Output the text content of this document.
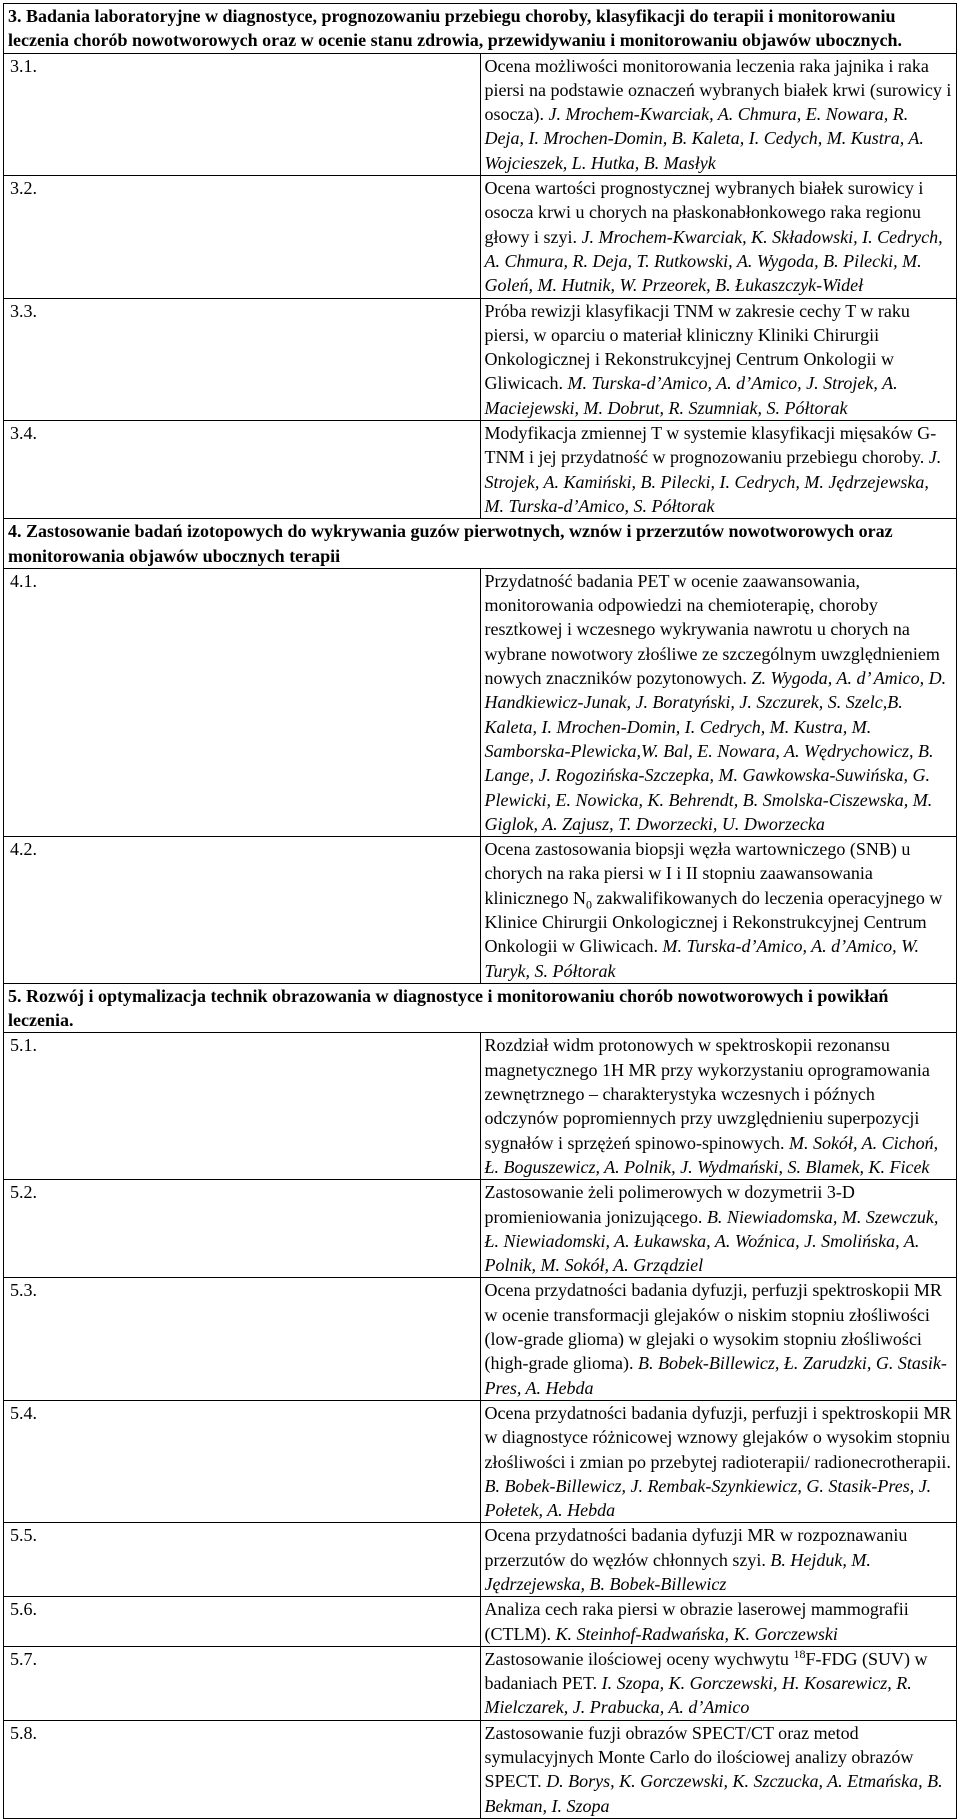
3. Badania laboratoryjne w diagnostyce, prognozowaniu przebiegu choroby, klasyfikacji do terapii i monitorowaniu leczenia chorób nowotworowych oraz w ocenie stanu zdrowia, przewidywaniu i monitorowaniu objawów ubocznych.	
3.1.	Ocena możliwości monitorowania leczenia raka jajnika i raka piersi na podstawie oznaczeń wybranych białek krwi (surowicy i osocza). J. Mrochem-Kwarciak, A. Chmura, E. Nowara, R. Deja, I. Mrochen-Domin, B. Kaleta, I. Cedych, M. Kustra, A. Wojcieszek, L. Hutka, B. Masłyk
3.2.	Ocena wartości prognostycznej wybranych białek surowicy i osocza krwi u chorych na płaskonabłonkowego raka regionu głowy i szyi. J. Mrochem-Kwarciak, K. Składowski, I. Cedrych, A. Chmura, R. Deja, T. Rutkowski, A. Wygoda, B. Pilecki, M. Goleń, M. Hutnik, W. Przeorek, B. Łukaszczyk-Wideł
3.3.	Próba rewizji klasyfikacji TNM w zakresie cechy T w raku piersi, w oparciu o materiał kliniczny Kliniki Chirurgii Onkologicznej i Rekonstrukcyjnej Centrum Onkologii w Gliwicach. M. Turska-d’Amico, A. d’Amico, J. Strojek, A. Maciejewski, M. Dobrut, R. Szumniak, S. Półtorak
3.4.	Modyfikacja zmiennej T w systemie klasyfikacji mięsaków G-TNM i jej przydatność w prognozowaniu przebiegu choroby. J. Strojek, A. Kamiński, B. Pilecki, I. Cedrych, M. Jędrzejewska, M. Turska-d’Amico, S. Półtorak
4. Zastosowanie badań izotopowych do wykrywania guzów pierwotnych, wznów i przerzutów nowotworowych oraz monitorowania objawów ubocznych terapii	
4.1.	Przydatność badania PET w ocenie zaawansowania, monitorowania odpowiedzi na chemioterapię, choroby resztkowej i wczesnego wykrywania nawrotu u chorych na wybrane nowotwory złośliwe ze szczególnym uwzględnieniem nowych znaczników pozytonowych. Z. Wygoda, A. d’ Amico, D. Handkiewicz-Junak, J. Boratyński, J. Szczurek, S. Szelc,B. Kaleta, I. Mrochen-Domin, I. Cedrych, M. Kustra, M. Samborska-Plewicka,W. Bal, E. Nowara, A. Wędrychowicz, B. Lange, J. Rogozińska-Szczepka, M. Gawkowska-Suwińska, G. Plewicki, E. Nowicka, K. Behrendt, B. Smolska-Ciszewska, M. Giglok, A. Zajusz, T. Dworzecki, U. Dworzecka
4.2.	Ocena zastosowania biopsji węzła wartowniczego (SNB) u chorych na raka piersi w I i II stopniu zaawansowania klinicznego $N_0$ zakwalifikowanych do leczenia operacyjnego w Klinice Chirurgii Onkologicznej i Rekonstrukcyjnej Centrum Onkologii w Gliwicach. M. Turska-d’Amico, A. d’Amico, W. Turyk, S. Półtorak
5. Rozwój i optymalizacja technik obrazowania w diagnostyce i monitorowaniu chorób nowotworowych i powikłań leczenia.	
5.1.	Rozdział widm protonowych w spektroskopii rezonansu magnetycznego 1H MR przy wykorzystaniu oprogramowania zewnętrznego – charakterystyka wczesnych i późnych odczynów popromiennych przy uwzględnieniu superpozycji sygnałów i sprzężeń spinowo-spinowych. M. Sokół, A. Cichoń, Ł. Boguszewicz, A. Polnik, J. Wydmański, S. Blamek, K. Ficek
5.2.	Zastosowanie żeli polimerowych w dozymetrii 3-D promieniowania jonizującego. B. Niewiadomska, M. Szewczuk, Ł. Niewiadomski, A. Łukawska, A. Woźnica, J. Smolińska, A. Polnik, M. Sokół, A. Grządziel
5.3.	Ocena przydatności badania dyfuzji, perfuzji spektroskopii MR w ocenie transformacji glejaków o niskim stopniu złośliwości (low-grade glioma) w glejaki o wysokim stopniu złośliwości (high-grade glioma). B. Bobek-Billewicz, Ł. Zarudzki, G. Stasik-Pres, A. Hebda
5.4.	Ocena przydatności badania dyfuzji, perfuzji i spektroskopii MR w diagnostyce różnicowej wznowy glejaków o wysokim stopniu złośliwości i zmian po przebytej radioterapii/ radionecrotherapii. B. Bobek-Billewicz, J. Rembak-Szynkiewicz, G. Stasik-Pres, J. Połetek, A. Hebda
5.5.	Ocena przydatności badania dyfuzji MR w rozpoznawaniu przerzutów do węzłów chłonnych szyi. B. Hejduk, M. Jędrzejewska, B. Bobek-Billewicz
5.6.	Analiza cech raka piersi w obrazie laserowej mammografii (CTLM). K. Steinhof-Radwańska, K. Gorczewski
5.7.	Zastosowanie ilościowej oceny wychwytu $^{18}$F-FDG (SUV) w badaniach PET. I. Szopa, K. Gorczewski, H. Kosarewicz, R. Mielczarek, J. Prabucka, A. d’Amico
5.8.	Zastosowanie fuzji obrazów SPECT/CT oraz metod symulacyjnych Monte Carlo do ilościowej analizy obrazów SPECT. D. Borys, K. Gorczewski, K. Szczucka, A. Etmańska, B. Bekman, I. Szopa
